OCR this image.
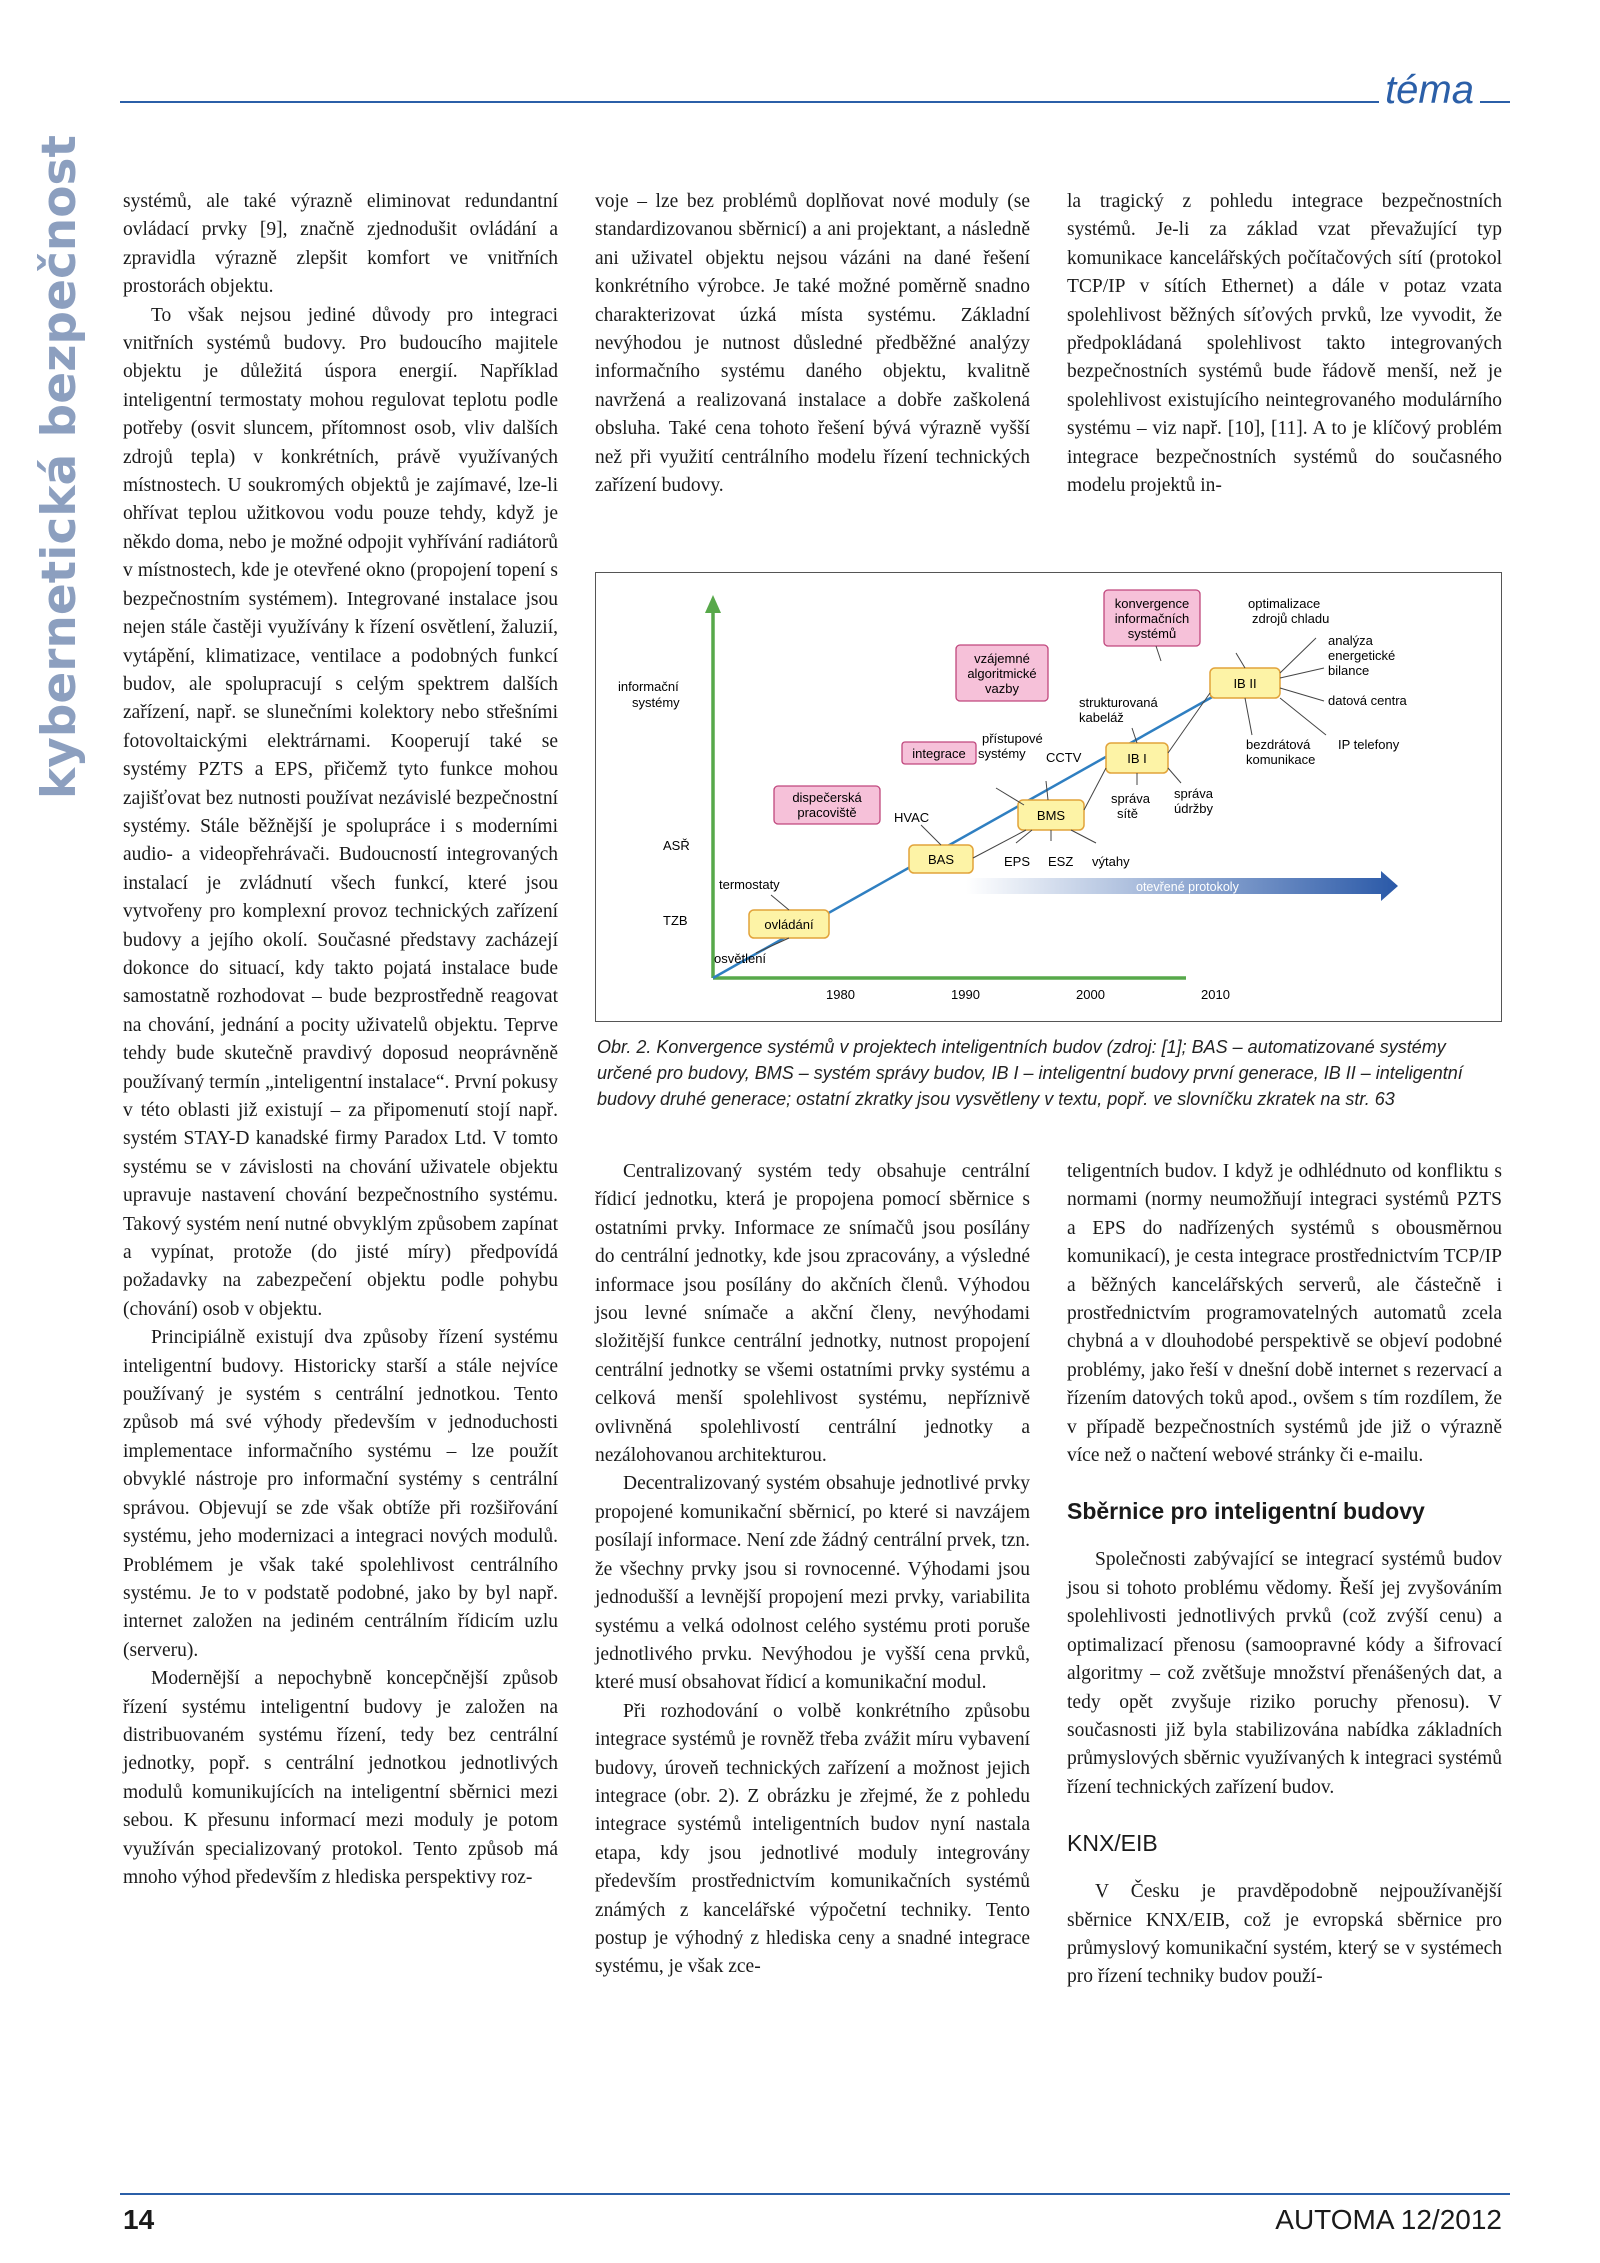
téma
kybernetická bezpečnost systémů, ale také výrazně eliminovat redundantní ovládací prvky [9], značně zjednodušit ovládání a zpravidla výrazně zlepšit komfort ve vnitřních prostorách objektu.

To však nejsou jediné důvody pro integraci vnitřních systémů budovy. Pro budoucího majitele objektu je důležitá úspora energií. Například inteligentní termostaty mohou regulovat teplotu podle potřeby (osvit sluncem, přítomnost osob, vliv dalších zdrojů tepla) v konkrétních, právě využívaných místnostech. U soukromých objektů je zajímavé, lze-li ohřívat teplou užitkovou vodu pouze tehdy, když je někdo doma, nebo je možné odpojit vyhřívání radiátorů v místnostech, kde je otevřené okno (propojení topení s bezpečnostním systémem). Integrované instalace jsou nejen stále častěji využívány k řízení osvětlení, žaluzií, vytápění, klimatizace, ventilace a podobných funkcí budov, ale spolupracují s celým spektrem dalších zařízení, např. se slunečními kolektory nebo střešními fotovoltaickými elektrárnami. Kooperují také se systémy PZTS a EPS, přičemž tyto funkce mohou zajišťovat bez nutnosti používat nezávislé bezpečnostní systémy. Stále běžnější je spolupráce i s moderními audio- a videopřehrávači. Budoucností integrovaných instalací je zvládnutí všech funkcí, které jsou vytvořeny pro komplexní provoz technických zařízení budovy a jejího okolí. Současné představy zacházejí dokonce do situací, kdy takto pojatá instalace bude samostatně rozhodovat – bude bezprostředně reagovat na chování, jednání a pocity uživatelů objektu. Teprve tehdy bude skutečně pravdivý doposud neoprávněně používaný termín „inteligentní instalace“. První pokusy v této oblasti již existují – za připomenutí stojí např. systém STAY-D kanadské firmy Paradox Ltd. V tomto systému se v závislosti na chování uživatele objektu upravuje nastavení chování bezpečnostního systému. Takový systém není nutné obvyklým způsobem zapínat a vypínat, protože (do jisté míry) předpovídá požadavky na zabezpečení objektu podle pohybu (chování) osob v objektu.

Principiálně existují dva způsoby řízení systému inteligentní budovy. Historicky starší a stále nejvíce používaný je systém s centrální jednotkou. Tento způsob má své výhody především v jednoduchosti implementace informačního systému – lze použít obvyklé nástroje pro informační systémy s centrální správou. Objevují se zde však obtíže při rozšiřování systému, jeho modernizaci a integraci nových modulů. Problémem je však také spolehlivost centrálního systému. Je to v podstatě podobné, jako by byl např. internet založen na jediném centrálním řídicím uzlu (serveru).

Modernější a nepochybně koncepčnější způsob řízení systému inteligentní budovy je založen na distribuovaném systému řízení, tedy bez centrální jednotky, popř. s centrální jednotkou jednotlivých modulů komunikujících na inteligentní sběrnici mezi sebou. K přesunu informací mezi moduly je potom využíván specializovaný protokol. Tento způsob má mnoho výhod především z hlediska perspektivy roz-

voje – lze bez problémů doplňovat nové moduly (se standardizovanou sběrnicí) a ani projektant, a následně ani uživatel objektu nejsou vázáni na dané řešení konkrétního výrobce. Je také možné poměrně snadno charakterizovat úzká místa systému. Základní nevýhodou je nutnost důsledné předběžné analýzy informačního systému daného objektu, kvalitně navržená a realizovaná instalace a dobře zaškolená obsluha. Také cena tohoto řešení bývá výrazně vyšší než při využití centrálního modelu řízení technických zařízení budovy.

la tragický z pohledu integrace bezpečnostních systémů. Je-li za základ vzat převažující typ komunikace kancelářských počítačových sítí (protokol TCP/IP v sítích Ethernet) a dále v potaz vzata spolehlivost běžných síťových prvků, lze vyvodit, že předpokládaná spolehlivost takto integrovaných bezpečnostních systémů bude řádově menší, než je spolehlivost existujícího neintegrovaného modulárního systému – viz např. [10], [11]. A to je klíčový problém integrace bezpečnostních systémů do současného modelu projektů in-

otevřené protokoly
informační systémy
ASŘ
TZB
1980	1990	2000	2010
ovládání
BAS
BMS
IB I
IB II
dispečerská pracoviště
integrace
vzájemné algoritmické vazby
konvergence informačních systémů
osvětlení
termostaty
HVAC
EPS ESZ výtahy
přístupové systémy	CCTV
správa sítě
správa údržby
strukturovaná kabeláž
bezdrátová komunikace
IP telefony
datová centra
analýza energetické bilance
optimalizace zdrojů chladu
Obr. 2. Konvergence systémů v projektech inteligentních budov (zdroj: [1]; BAS – automatizované systémy určené pro budovy, BMS – systém správy budov, IB I – inteligentní budovy první generace, IB II – inteligentní budovy druhé generace; ostatní zkratky jsou vysvětleny v textu, popř. ve slovníčku zkratek na str. 63

Centralizovaný systém tedy obsahuje centrální řídicí jednotku, která je propojena pomocí sběrnice s ostatními prvky. Informace ze snímačů jsou posílány do centrální jednotky, kde jsou zpracovány, a výsledné informace jsou posílány do akčních členů. Výhodou jsou levné snímače a akční členy, nevýhodami složitější funkce centrální jednotky, nutnost propojení centrální jednotky se všemi ostatními prvky systému a celková menší spolehlivost systému, nepříznivě ovlivněná spolehlivostí centrální jednotky a nezálohovanou architekturou.

Decentralizovaný systém obsahuje jednotlivé prvky propojené komunikační sběrnicí, po které si navzájem posílají informace. Není zde žádný centrální prvek, tzn. že všechny prvky jsou si rovnocenné. Výhodami jsou jednodušší a levnější propojení mezi prvky, variabilita systému a velká odolnost celého systému proti poruše jednotlivého prvku. Nevýhodou je vyšší cena prvků, které musí obsahovat řídicí a komunikační modul.

Při rozhodování o volbě konkrétního způsobu integrace systémů je rovněž třeba zvážit míru vybavení budovy, úroveň technických zařízení a možnost jejich integrace (obr. 2). Z obrázku je zřejmé, že z pohledu integrace systémů inteligentních budov nyní nastala etapa, kdy jsou jednotlivé moduly integrovány především prostřednictvím komunikačních systémů známých z kancelářské výpočetní techniky. Tento postup je výhodný z hlediska ceny a snadné integrace systému, je však zce-

teligentních budov. I když je odhlédnuto od konfliktu s normami (normy neumožňují integraci systémů PZTS a EPS do nadřízených systémů s obousměrnou komunikací), je cesta integrace prostřednictvím TCP/IP a běžných kancelářských serverů, ale částečně i prostřednictvím programovatelných automatů zcela chybná a v dlouhodobé perspektivě se objeví podobné problémy, jako řeší v dnešní době internet s rezervací a řízením datových toků apod., ovšem s tím rozdílem, že v případě bezpečnostních systémů jde již o výrazně více než o načtení webové stránky či e-mailu.

Sběrnice pro inteligentní budovy

Společnosti zabývající se integrací systémů budov jsou si tohoto problému vědomy. Řeší jej zvyšováním spolehlivosti jednotlivých prvků (což zvýší cenu) a optimalizací přenosu (samoopravné kódy a šifrovací algoritmy – což zvětšuje množství přenášených dat, a tedy opět zvyšuje riziko poruchy přenosu). V současnosti již byla stabilizována nabídka základních průmyslových sběrnic využívaných k integraci systémů řízení technických zařízení budov.

KNX/EIB

V Česku je pravděpodobně nejpoužívanější sběrnice KNX/EIB, což je evropská sběrnice pro průmyslový komunikační systém, který se v systémech pro řízení techniky budov použí-

14	AUTOMA 12/2012
